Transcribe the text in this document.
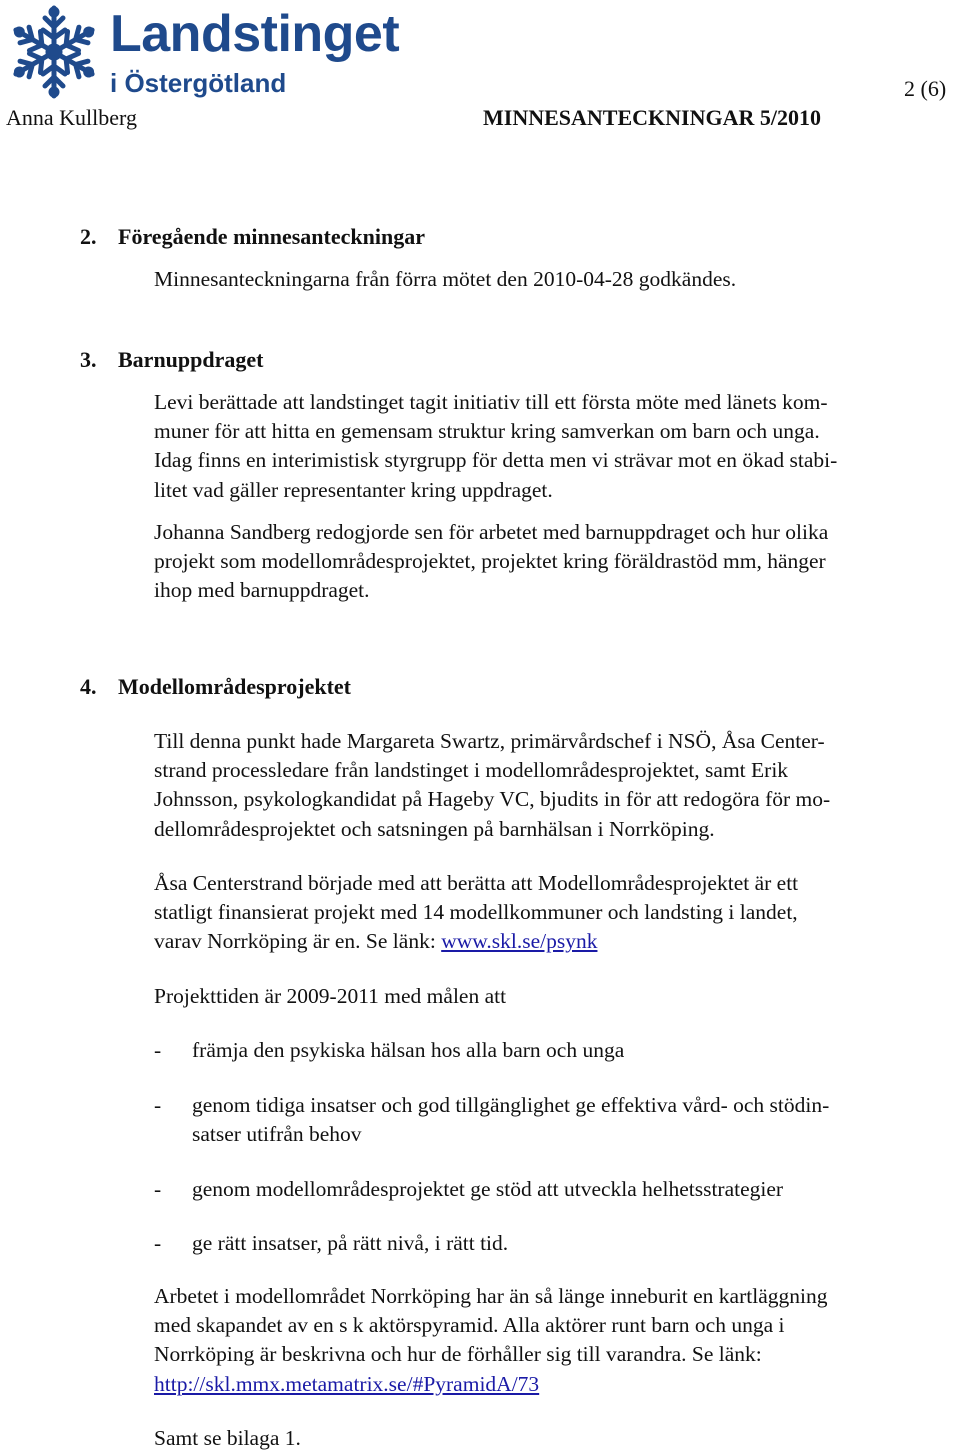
Landstinget
i Östergötland	2 (6)
Anna Kullberg	MINNESANTECKNINGAR 5/2010
2. Föregående minnesanteckningar
Minnesanteckningarna från förra mötet den 2010-04-28 godkändes.
3. Barnuppdraget
Levi berättade att landstinget tagit initiativ till ett första möte med länets kom-
muner för att hitta en gemensam struktur kring samverkan om barn och unga.
Idag finns en interimistisk styrgrupp för detta men vi strävar mot en ökad stabi-
litet vad gäller representanter kring uppdraget.
Johanna Sandberg redogjorde sen för arbetet med barnuppdraget och hur olika
projekt som modellområdesprojektet, projektet kring föräldrastöd mm, hänger
ihop med barnuppdraget.
4. Modellområdesprojektet
Till denna punkt hade Margareta Swartz, primärvårdschef i NSÖ, Åsa Center-
strand processledare från landstinget i modellområdesprojektet, samt Erik
Johnsson, psykologkandidat på Hageby VC, bjudits in för att redogöra för mo-
dellområdesprojektet och satsningen på barnhälsan i Norrköping.
Åsa Centerstrand började med att berätta att Modellområdesprojektet är ett
statligt finansierat projekt med 14 modellkommuner och landsting i landet,
varav Norrköping är en. Se länk: www.skl.se/psynk
Projekttiden är 2009-2011 med målen att
- främja den psykiska hälsan hos alla barn och unga
- genom tidiga insatser och god tillgänglighet ge effektiva vård- och stödin-
satser utifrån behov
- genom modellområdesprojektet ge stöd att utveckla helhetsstrategier
- ge rätt insatser, på rätt nivå, i rätt tid.
Arbetet i modellområdet Norrköping har än så länge inneburit en kartläggning
med skapandet av en s k aktörspyramid. Alla aktörer runt barn och unga i
Norrköping är beskrivna och hur de förhåller sig till varandra. Se länk:
http://skl.mmx.metamatrix.se/#PyramidA/73
Samt se bilaga 1.
